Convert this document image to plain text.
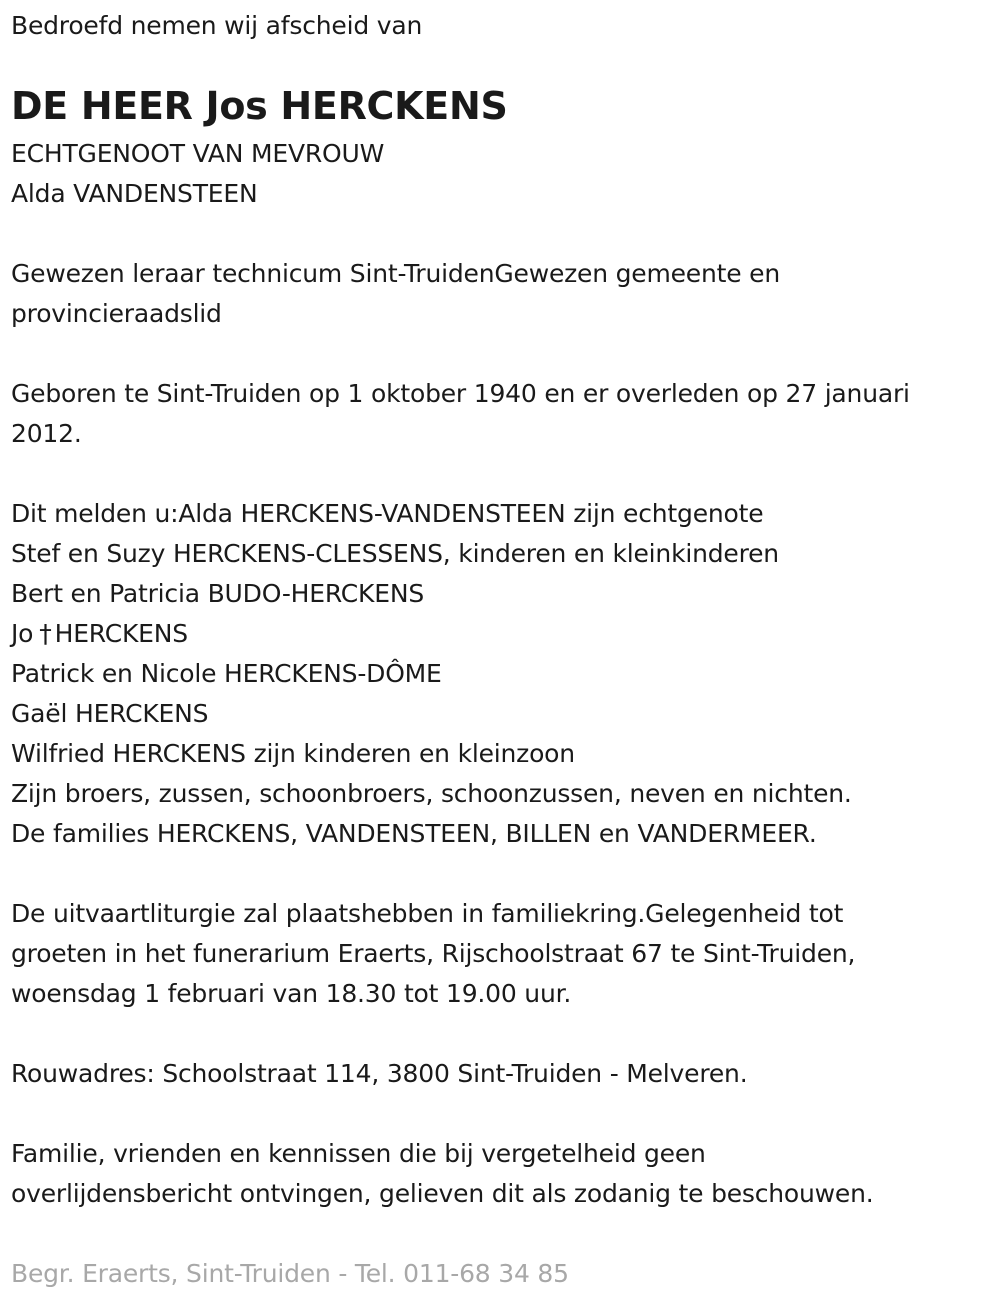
Bedroefd nemen wij afscheid van
DE HEER Jos HERCKENS
ECHTGENOOT VAN MEVROUW
Alda VANDENSTEEN
Gewezen leraar technicum Sint-TruidenGewezen gemeente en
provincieraadslid
Geboren te Sint-Truiden op 1 oktober 1940 en er overleden op 27 januari
2012.
Dit melden u:Alda HERCKENS-VANDENSTEEN zijn echtgenote
Stef en Suzy HERCKENS-CLESSENS, kinderen en kleinkinderen
Bert en Patricia BUDO-HERCKENS
Jo † HERCKENS
Patrick en Nicole HERCKENS-DÔME
Gaël HERCKENS
Wilfried HERCKENS zijn kinderen en kleinzoon
Zijn broers, zussen, schoonbroers, schoonzussen, neven en nichten.
De families HERCKENS, VANDENSTEEN, BILLEN en VANDERMEER.
De uitvaartliturgie zal plaatshebben in familiekring.Gelegenheid tot
groeten in het funerarium Eraerts, Rijschoolstraat 67 te Sint-Truiden,
woensdag 1 februari van 18.30 tot 19.00 uur.
Rouwadres: Schoolstraat 114, 3800 Sint-Truiden - Melveren.
Familie, vrienden en kennissen die bij vergetelheid geen
overlijdensbericht ontvingen, gelieven dit als zodanig te beschouwen.
Begr. Eraerts, Sint-Truiden - Tel. 011-68 34 85
